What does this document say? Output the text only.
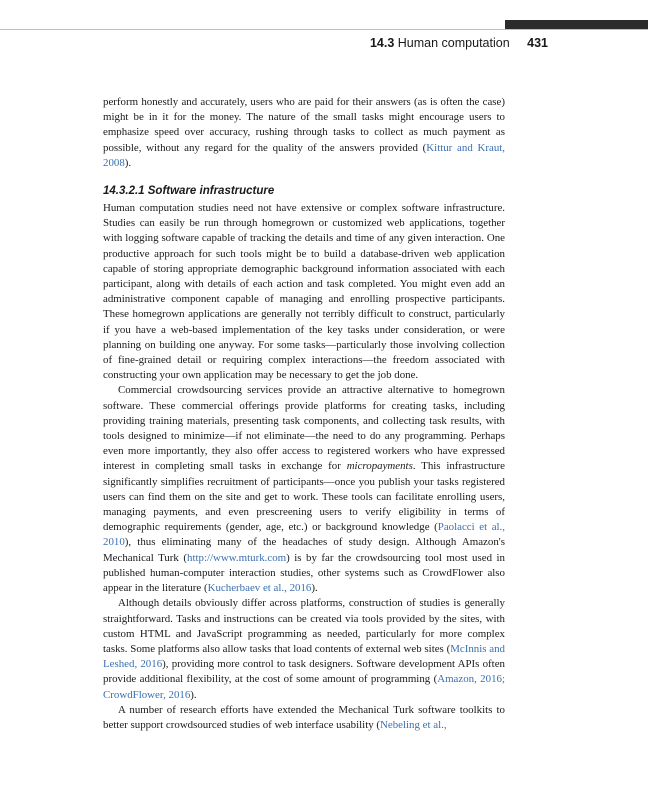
14.3 Human computation 431

perform honestly and accurately, users who are paid for their answers (as is often the case) might be in it for the money. The nature of the small tasks might encourage users to emphasize speed over accuracy, rushing through tasks to collect as much payment as possible, without any regard for the quality of the answers provided (Kittur and Kraut, 2008).

14.3.2.1 Software infrastructure

Human computation studies need not have extensive or complex software infrastructure. Studies can easily be run through homegrown or customized web applications, together with logging software capable of tracking the details and time of any given interaction. One productive approach for such tools might be to build a database-driven web application capable of storing appropriate demographic background information associated with each participant, along with details of each action and task completed. You might even add an administrative component capable of managing and enrolling prospective participants. These homegrown applications are generally not terribly difficult to construct, particularly if you have a web-based implementation of the key tasks under consideration, or were planning on building one anyway. For some tasks—particularly those involving collection of fine-grained detail or requiring complex interactions—the freedom associated with constructing your own application may be necessary to get the job done.

Commercial crowdsourcing services provide an attractive alternative to homegrown software. These commercial offerings provide platforms for creating tasks, including providing training materials, presenting task components, and collecting task results, with tools designed to minimize—if not eliminate—the need to do any programming. Perhaps even more importantly, they also offer access to registered workers who have expressed interest in completing small tasks in exchange for micropayments. This infrastructure significantly simplifies recruitment of participants—once you publish your tasks registered users can find them on the site and get to work. These tools can facilitate enrolling users, managing payments, and even prescreening users to verify eligibility in terms of demographic requirements (gender, age, etc.) or background knowledge (Paolacci et al., 2010), thus eliminating many of the headaches of study design. Although Amazon's Mechanical Turk (http://www.mturk.com) is by far the crowdsourcing tool most used in published human-computer interaction studies, other systems such as CrowdFlower also appear in the literature (Kucherbaev et al., 2016).

Although details obviously differ across platforms, construction of studies is generally straightforward. Tasks and instructions can be created via tools provided by the sites, with custom HTML and JavaScript programming as needed, particularly for more complex tasks. Some platforms also allow tasks that load contents of external web sites (McInnis and Leshed, 2016), providing more control to task designers. Software development APIs often provide additional flexibility, at the cost of some amount of programming (Amazon, 2016; CrowdFlower, 2016).

A number of research efforts have extended the Mechanical Turk software toolkits to better support crowdsourced studies of web interface usability (Nebeling et al.,
